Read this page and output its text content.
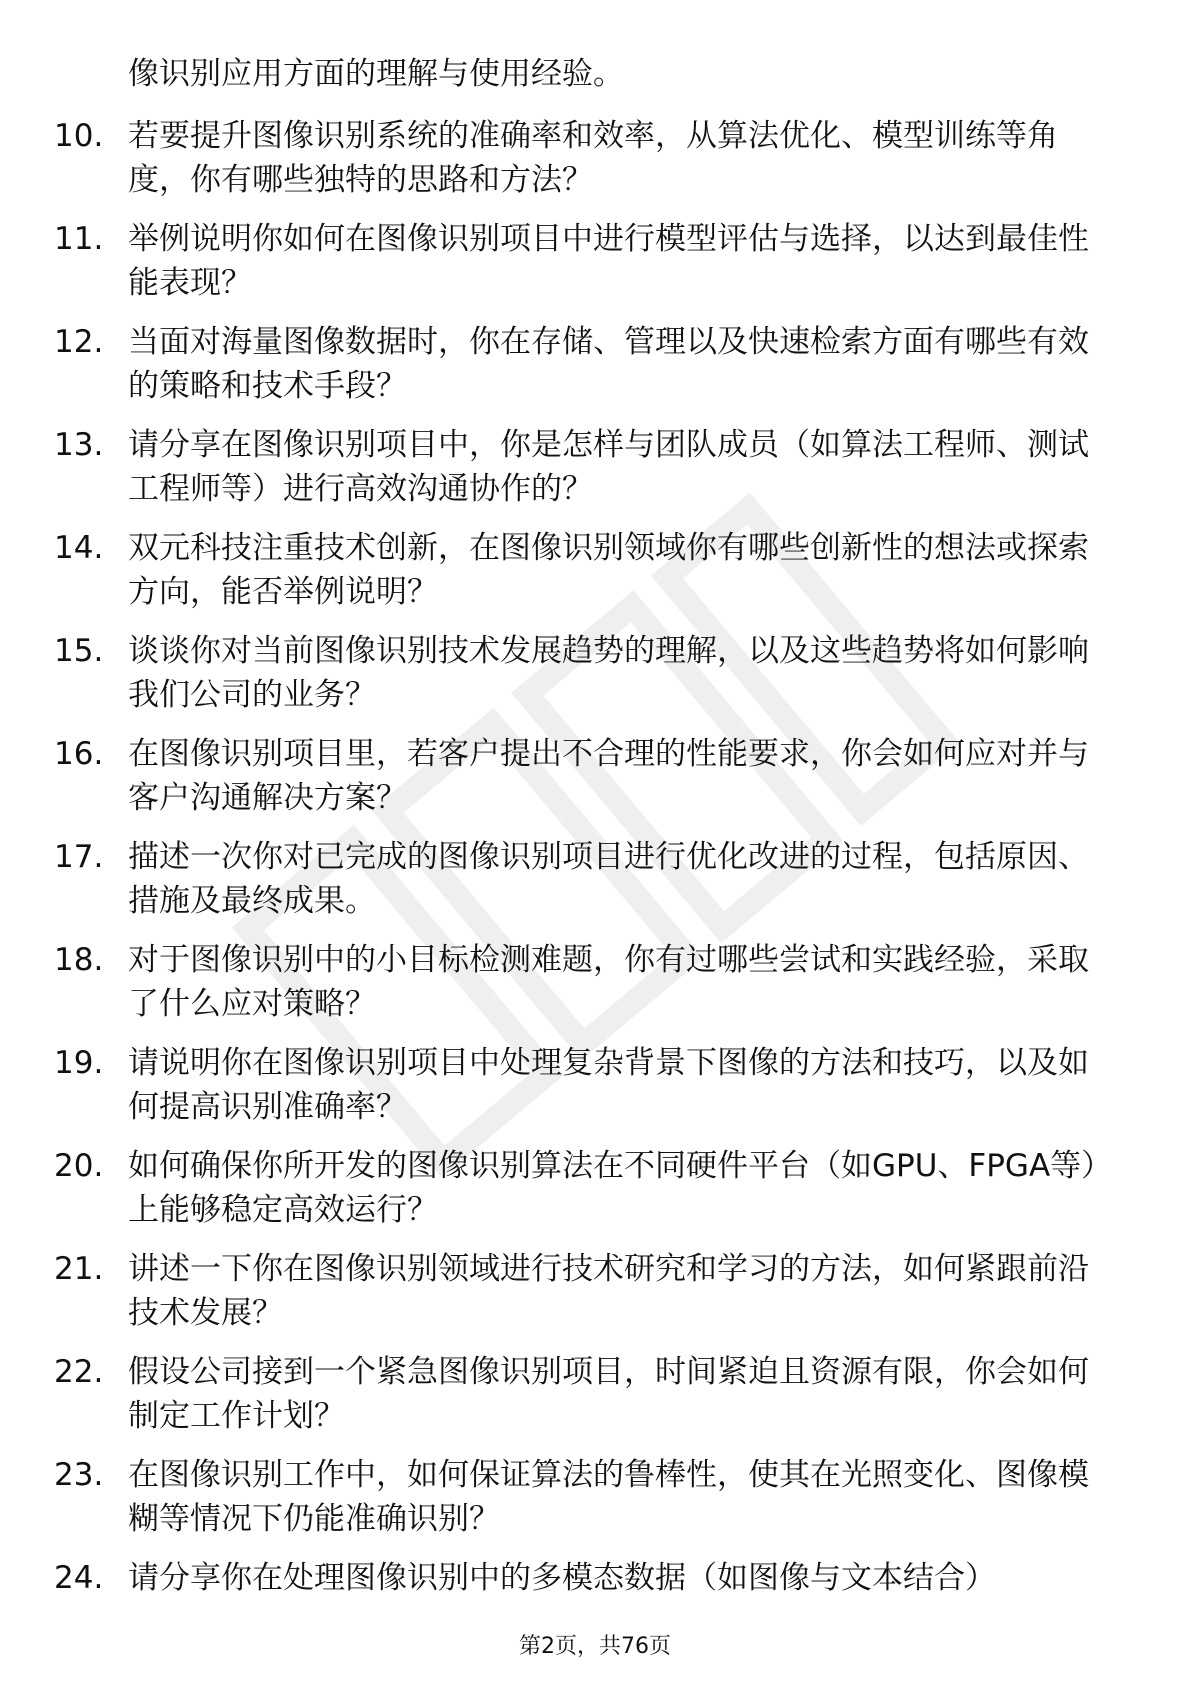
像识别应用方面的理解与使用经验。
10. 若要提升图像识别系统的准确率和效率，从算法优化、模型训练等角度，你有哪些独特的思路和方法？
11. 举例说明你如何在图像识别项目中进行模型评估与选择，以达到最佳性能表现？
12. 当面对海量图像数据时，你在存储、管理以及快速检索方面有哪些有效的策略和技术手段？
13. 请分享在图像识别项目中，你是怎样与团队成员（如算法工程师、测试工程师等）进行高效沟通协作的？
14. 双元科技注重技术创新，在图像识别领域你有哪些创新性的想法或探索方向，能否举例说明？
15. 谈谈你对当前图像识别技术发展趋势的理解，以及这些趋势将如何影响我们公司的业务？
16. 在图像识别项目里，若客户提出不合理的性能要求，你会如何应对并与客户沟通解决方案？
17. 描述一次你对已完成的图像识别项目进行优化改进的过程，包括原因、措施及最终成果。
18. 对于图像识别中的小目标检测难题，你有过哪些尝试和实践经验，采取了什么应对策略？
19. 请说明你在图像识别项目中处理复杂背景下图像的方法和技巧，以及如何提高识别准确率？
20. 如何确保你所开发的图像识别算法在不同硬件平台（如GPU、FPGA等）上能够稳定高效运行？
21. 讲述一下你在图像识别领域进行技术研究和学习的方法，如何紧跟前沿技术发展？
22. 假设公司接到一个紧急图像识别项目，时间紧迫且资源有限，你会如何制定工作计划？
23. 在图像识别工作中，如何保证算法的鲁棒性，使其在光照变化、图像模糊等情况下仍能准确识别？
24. 请分享你在处理图像识别中的多模态数据（如图像与文本结合）
第2页，共76页
